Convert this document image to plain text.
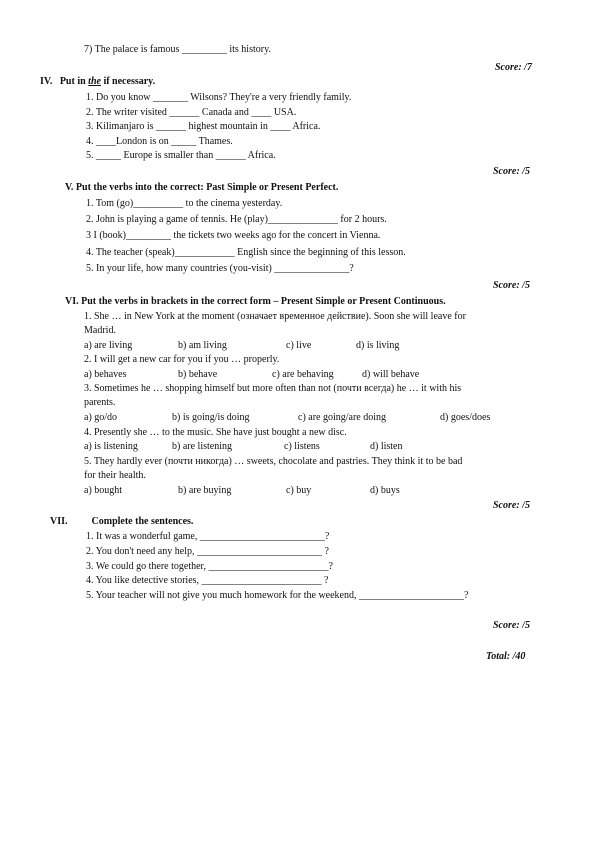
7) The palace is famous _________ its history.
Score: /7
IV. Put in the if necessary.
1. Do you know _______ Wilsons? They're a very friendly family.
2. The writer visited ______ Canada and ____ USA.
3. Kilimanjaro is ______ highest mountain in ____ Africa.
4. ____London is on _____ Thames.
5. _____ Europe is smaller than ______ Africa.
Score: /5
V. Put the verbs into the correct: Past Simple or Present Perfect.
1. Tom (go)__________ to the cinema yesterday.
2. John is playing a game of tennis. He (play)______________ for 2 hours.
3 I (book)_________ the tickets two weeks ago for the concert in Vienna.
4. The teacher (speak)____________ English since the beginning of this lesson.
5. In your life, how many countries (you-visit) _______________?
Score: /5
VI. Put the verbs in brackets in the correct form – Present Simple or Present Continuous.
1. She … in New York at the moment (означает временное действие). Soon she will leave for
Madrid.
a) are living	b) am living	c) live	d) is living
2. I will get a new car for you if you … properly.
a) behaves	b) behave	c) are behaving	d) will behave
3. Sometimes he … shopping himself but more often than not (почти всегда) he … it with his
parents.
a) go/do	b) is going/is doing	c) are going/are doing	d) goes/does
4. Presently she … to the music. She have just bought a new disc.
a) is listening	b) are listening	c) listens	d) listen
5. They hardly ever (почти никогда) … sweets, chocolate and pastries. They think it to be bad
for their health.
a) bought	b) are buying	c) buy	d) buys
Score: /5
VII. Complete the sentences.
1. It was a wonderful game, _________________________?
2. You don't need any help, _________________________ ?
3. We could go there together, ________________________?
4. You like detective stories, ________________________ ?
5. Your teacher will not give you much homework for the weekend, _____________________?
Score: /5
Total: /40
